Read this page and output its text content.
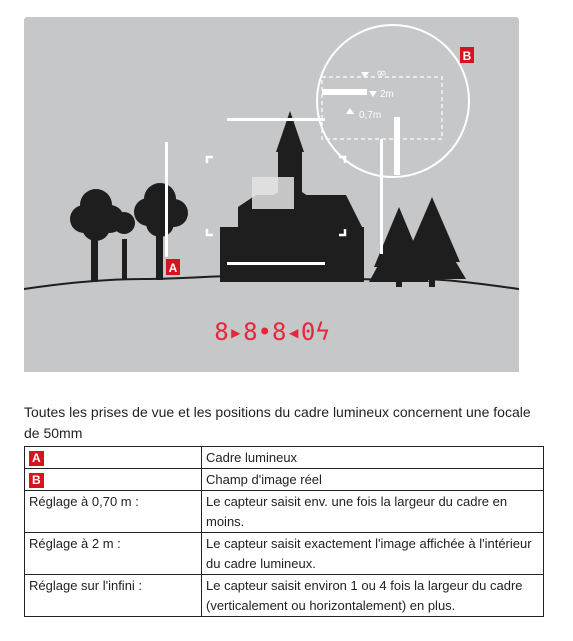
∞
2m
0,7m
B
A
8▸8•8◂0ϟ
Toutes les prises de vue et les positions du cadre lumineux concernent une focale de 50mm
A	Cadre lumineux
B	Champ d'image réel
Réglage à 0,70 m :	Le capteur saisit env. une fois la largeur du cadre en moins.
Réglage à 2 m :	Le capteur saisit exactement l'image affichée à l'intérieur du cadre lumineux.
Réglage sur l'infini :	Le capteur saisit environ 1 ou 4 fois la largeur du cadre (verticalement ou horizontalement) en plus.
